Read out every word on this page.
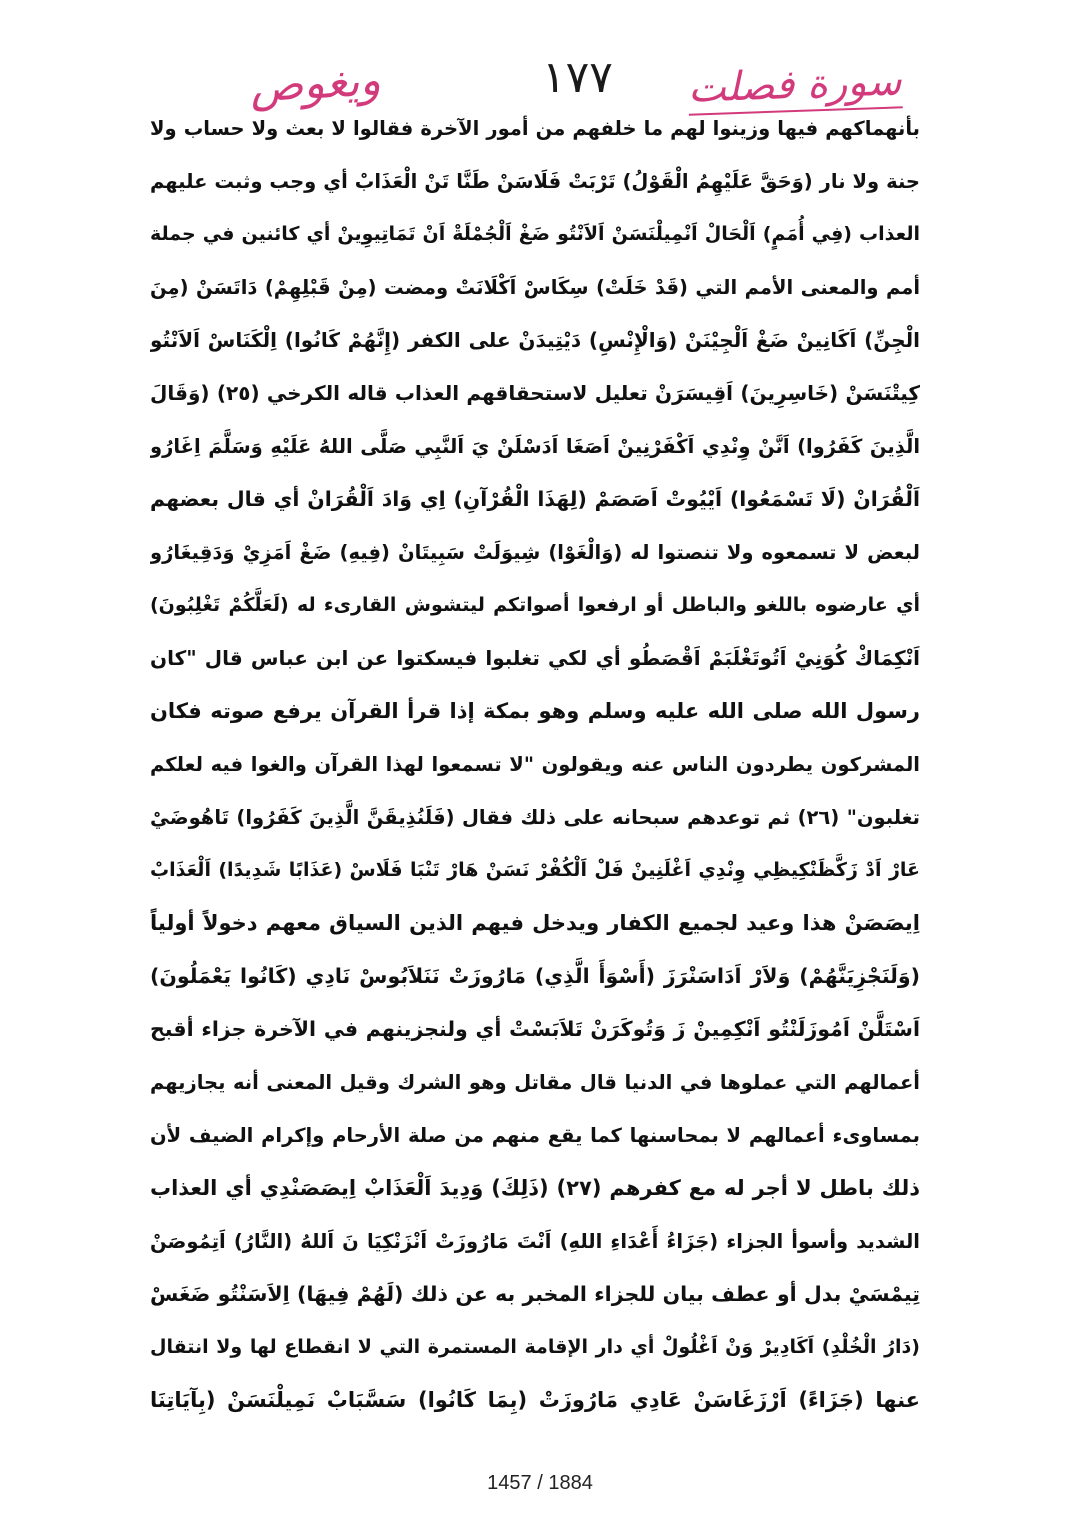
ويغوص	١٧٧ سورة فصلت
بأنهماكهم فيها وزينوا لهم ما خلفهم من أمور الآخرة فقالوا لا بعث ولا حساب ولا
جنة ولا نار (وَحَقَّ عَلَيْهِمُ الْقَوْلُ) تَرْبَتْ فَلَاسَنْ طَنَّا تَنْ الْعَذَابْ أي وجب وثبت عليهم
العذاب (فِي أُمَمٍ) اَلْحَالْ اَنْمِيلْنَسَنْ اَلاَنْتُو ضَغْ اَلْجُمْلَةْ اَنْ تَمَاتِيوِينْ أي كائنين في جملة
أمم والمعنى الأمم التي (قَدْ خَلَتْ) سِكَاسْ اَكْلَانَتْ ومضت (مِنْ قَبْلِهِمْ) دَاتَسَنْ (مِنَ
الْجِنِّ) اَكَانِينْ ضَغْ اَلْجِيْنَنْ (وَالْإِنْسِ) دَيْتِيدَنْ على الكفر (إِنَّهُمْ كَانُوا) اِلْكَنَاسْ اَلاَنْتُو
كِيتْنَسَنْ (خَاسِرِينَ) اَقِيسَرَنْ تعليل لاستحقاقهم العذاب قاله الكرخي (٢٥) (وَقَالَ
الَّذِينَ كَفَرُوا) اَنَّنْ وِنْدِي اَكْفَرْنِينْ اَصَغَا اَدَسْلَنْ يَ اَلنَّبِي صَلَّى اللهُ عَلَيْهِ وَسَلَّمَ اِغَارُو
اَلْقُرَانْ (لَا تَسْمَعُوا) اَيْيُوتْ اَصَصَمْ (لِهَذَا الْقُرْآنِ) اِي وَادَ اَلْقُرَانْ أي قال بعضهم
لبعض لا تسمعوه ولا تنصتوا له (وَالْغَوْا) شِيوَلَتْ سَبِيتَانْ (فِيهِ) ضَغْ اَمَزِيْ وَدَقِيغَارُو
أي عارضوه باللغو والباطل أو ارفعوا أصواتكم ليتشوش القارىء له (لَعَلَّكُمْ تَغْلِبُونَ)
اَنْكِمَاكْ كُوَنِيْ اَتُوتَغْلَبَمْ اَقْصَطُو أي لكي تغلبوا فيسكتوا عن ابن عباس قال "كان
رسول الله صلى الله عليه وسلم وهو بمكة إذا قرأ القرآن يرفع صوته فكان
المشركون يطردون الناس عنه ويقولون "لا تسمعوا لهذا القرآن والغوا فيه لعلكم
تغلبون" (٢٦) ثم توعدهم سبحانه على ذلك فقال (فَلَنُذِيقَنَّ الَّذِينَ كَفَرُوا) تَاهُوضَيْ
عَارْ اَدْ زَكَّظَنْكِيظِي وِنْدِي اَغْلَنِينْ فَلْ اَلْكُفْرْ نَسَنْ هَارْ تَنْبَا فَلَاسْ (عَذَابًا شَدِيدًا) اَلْعَذَابْ
اِيصَصَنْ هذا وعيد لجميع الكفار ويدخل فيهم الذين السياق معهم دخولاً أولياً
(وَلَنَجْزِيَنَّهُمْ) وَلاَرْ اَدَاسَنْرَزَ (أَسْوَأَ الَّذِي) مَارُوزَتْ نَنَلاَبُوسْ نَادِي (كَانُوا يَعْمَلُونَ)
اَسْتَلَّنْ اَمُوزَلَنْتُو اَنْكِمِينْ زَ وَتُوكَرَنْ تَلاَبَسْتْ أي ولنجزينهم في الآخرة جزاء أقبح
أعمالهم التي عملوها في الدنيا قال مقاتل وهو الشرك وقيل المعنى أنه يجازيهم
بمساوىء أعمالهم لا بمحاسنها كما يقع منهم من صلة الأرحام وإكرام الضيف لأن
ذلك باطل لا أجر له مع كفرهم (٢٧) (ذَلِكَ) وَدِيدَ اَلْعَذَابْ اِيصَصَنْدِي أي العذاب
الشديد وأسوأ الجزاء (جَزَاءُ أَعْدَاءِ اللهِ) اَنْتَ مَارُوزَتْ اَنْزَنْكِيَا نَ اَللهُ (النَّارُ) اَتِمُوصَنْ
تِيمْسَيْ بدل أو عطف بيان للجزاء المخبر به عن ذلك (لَهُمْ فِيهَا) اِلاَسَنْتُو ضَغَسْ
(دَارُ الْخُلْدِ) اَكَادِيرْ وَنْ اَغْلُولْ أي دار الإقامة المستمرة التي لا انقطاع لها ولا انتقال
عنها (جَزَاءً) اَرْزَغَاسَنْ عَادِي مَارُوزَتْ (بِمَا كَانُوا) سَسَّبَابْ نَمِيلْنَسَنْ (بِآيَاتِنَا
1457 / 1884
